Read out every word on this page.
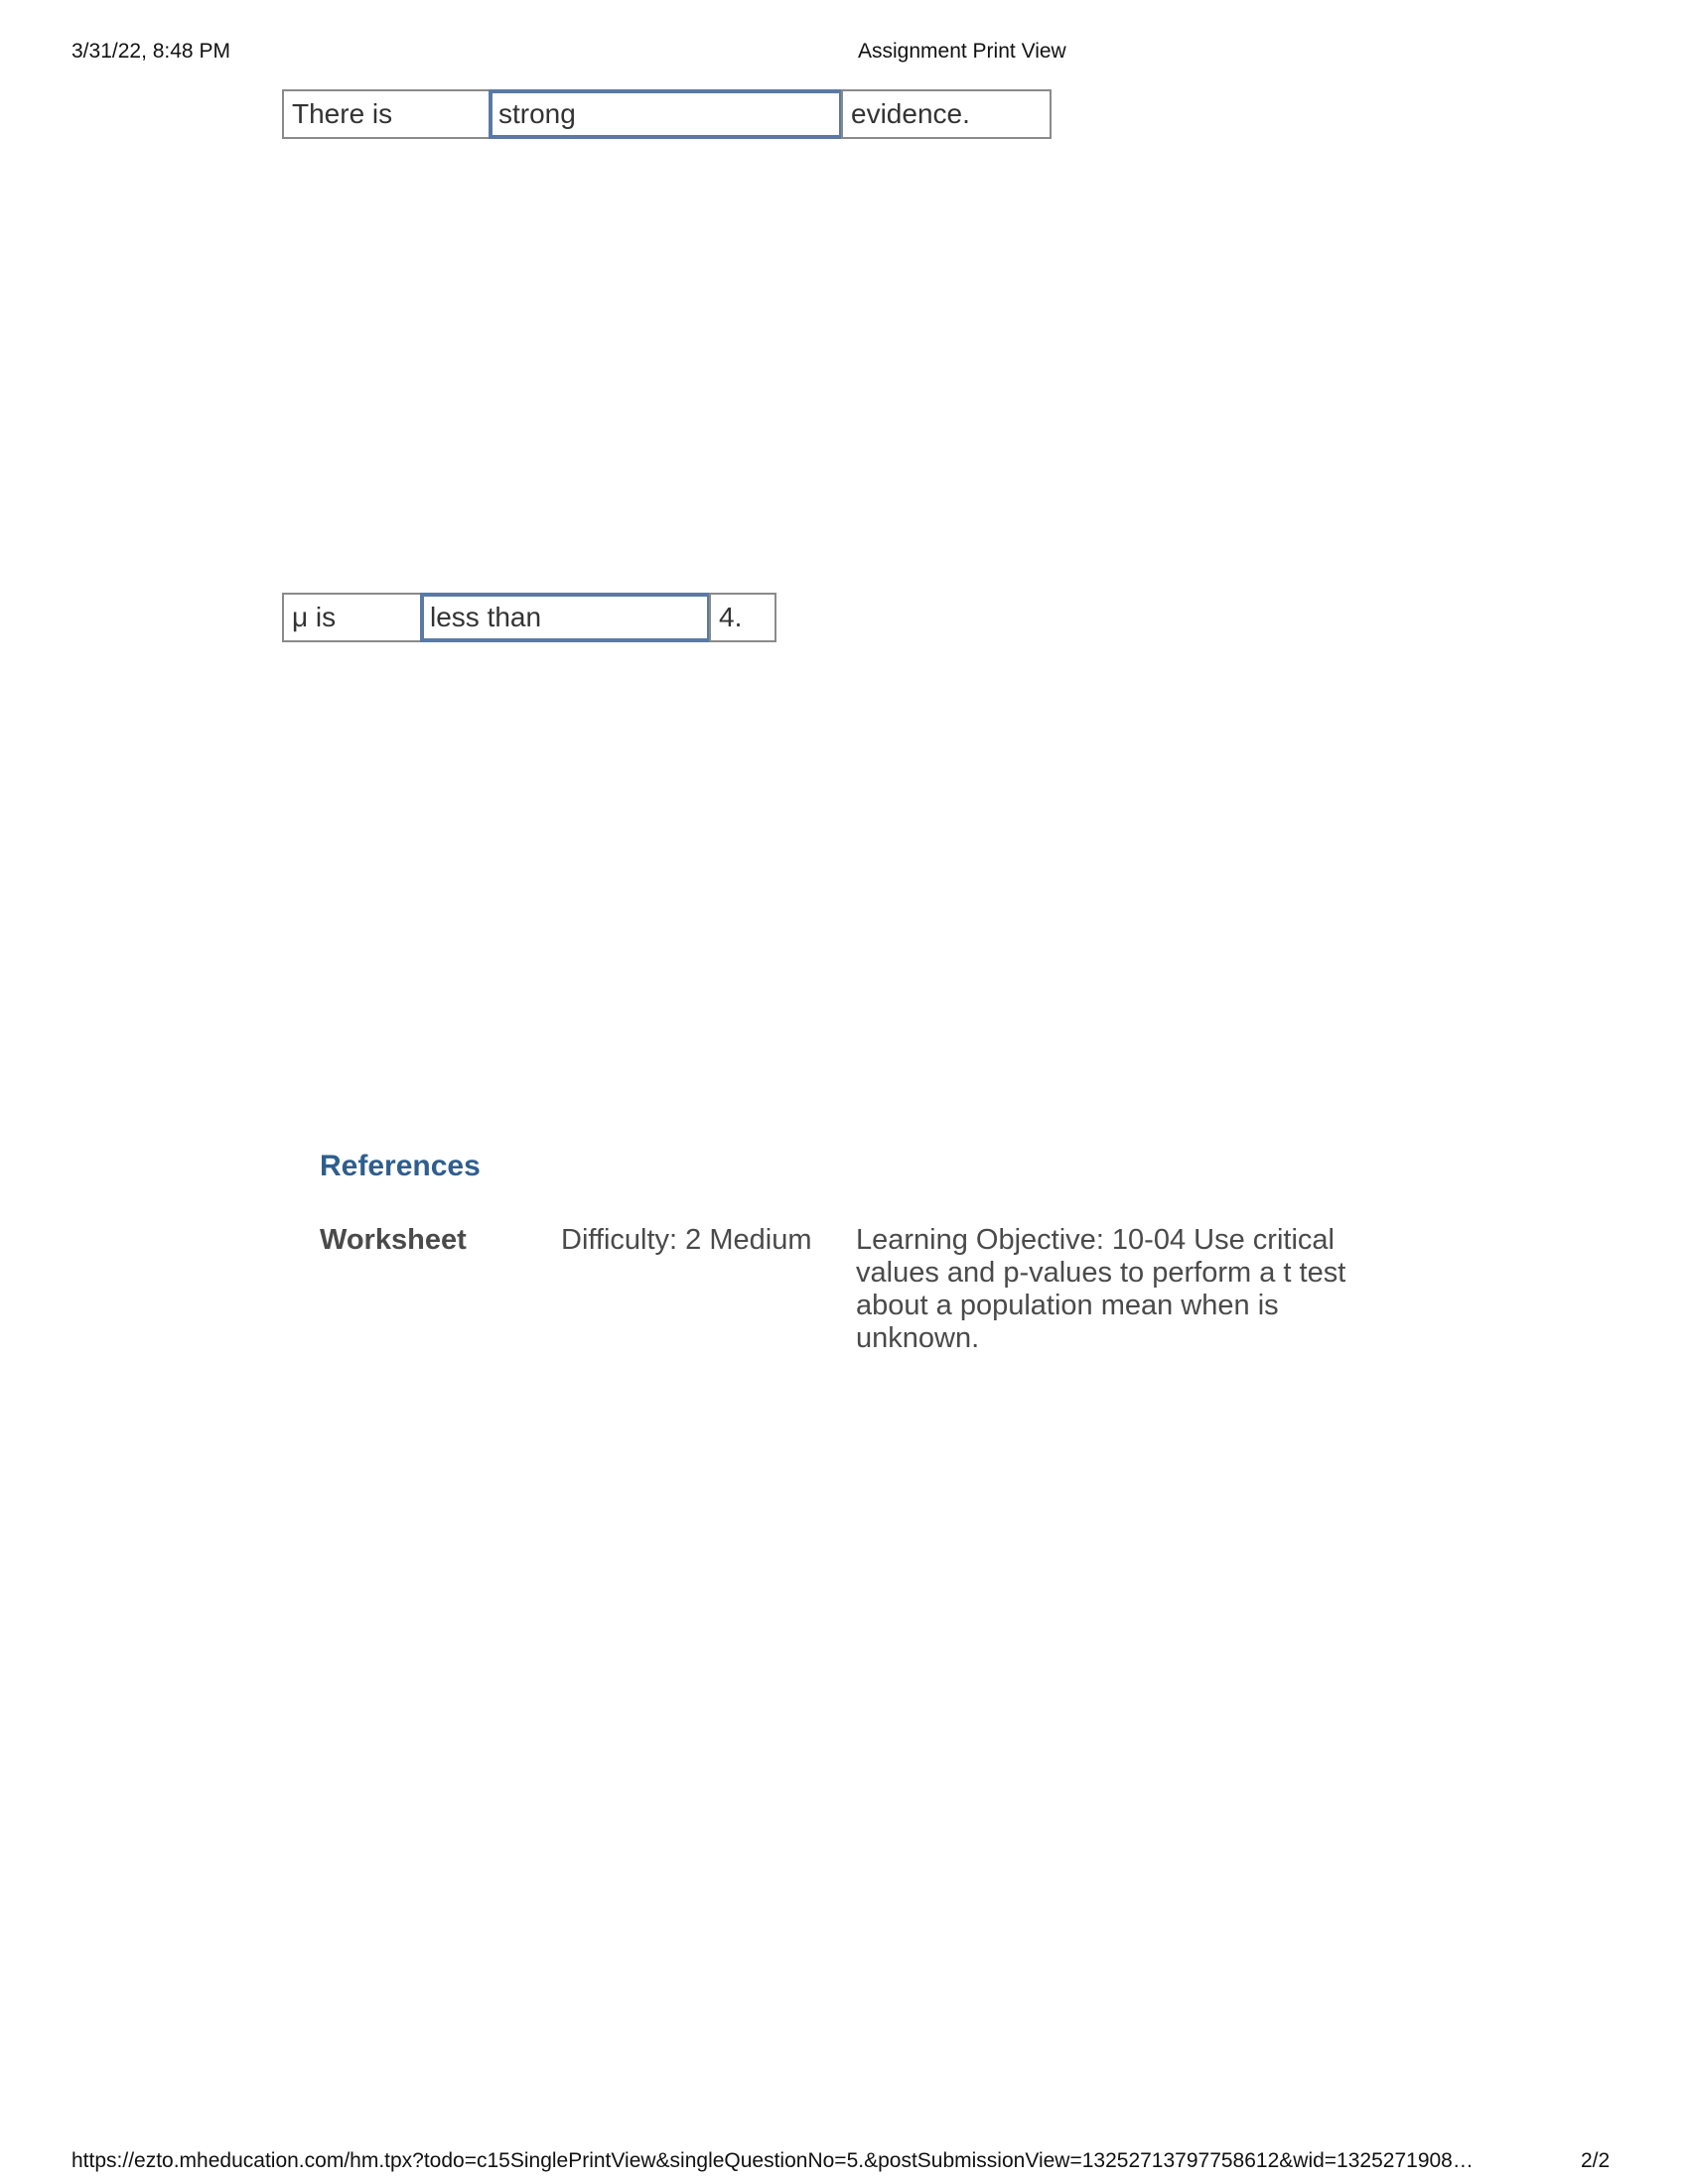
3/31/22, 8:48 PM	Assignment Print View
There is	strong	evidence.
μ is	less than	4.
References
Worksheet	Difficulty: 2 Medium Learning Objective: 10-04 Use critical values and p-values to perform a t test about a population mean when is unknown.
https://ezto.mheducation.com/hm.tpx?todo=c15SinglePrintView&singleQuestionNo=5.&postSubmissionView=13252713797758612&wid=1325271908…	2/2
